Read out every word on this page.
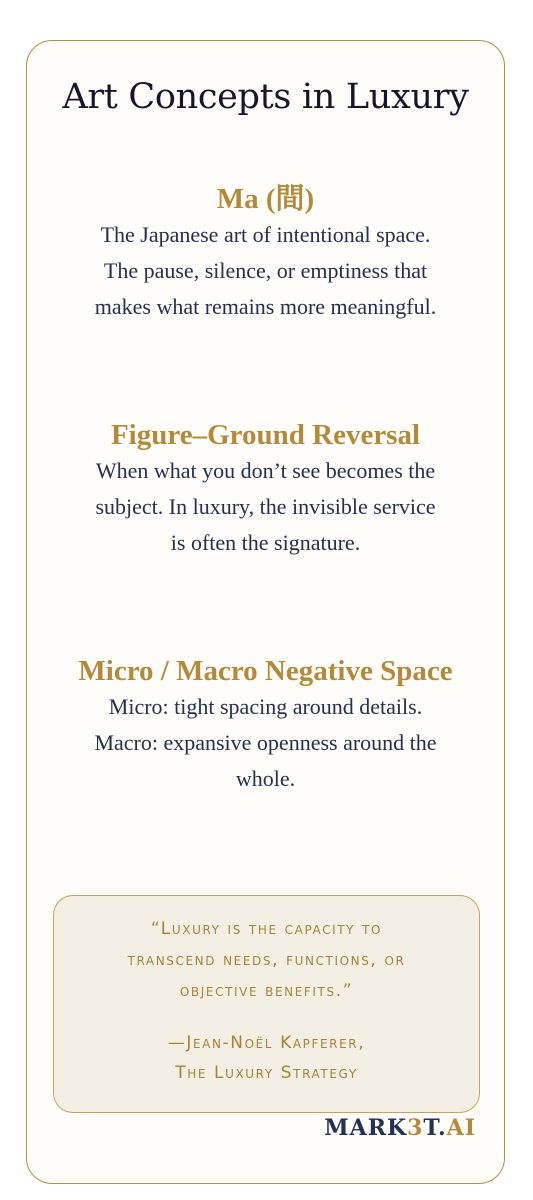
Art Concepts in Luxury
Ma (間)

The Japanese art of intentional space.

The pause, silence, or emptiness that

makes what remains more meaningful.

Figure–Ground Reversal

When what you don’t see becomes the

subject. In luxury, the invisible service

is often the signature.

Micro / Macro Negative Space

Micro: tight spacing around details.

Macro: expansive openness around the

whole.

“Luxury is the capacity to
transcend needs, functions, or
objective benefits.”
—Jean-Noël Kapferer,
The Luxury Strategy
MARK3T.AI
